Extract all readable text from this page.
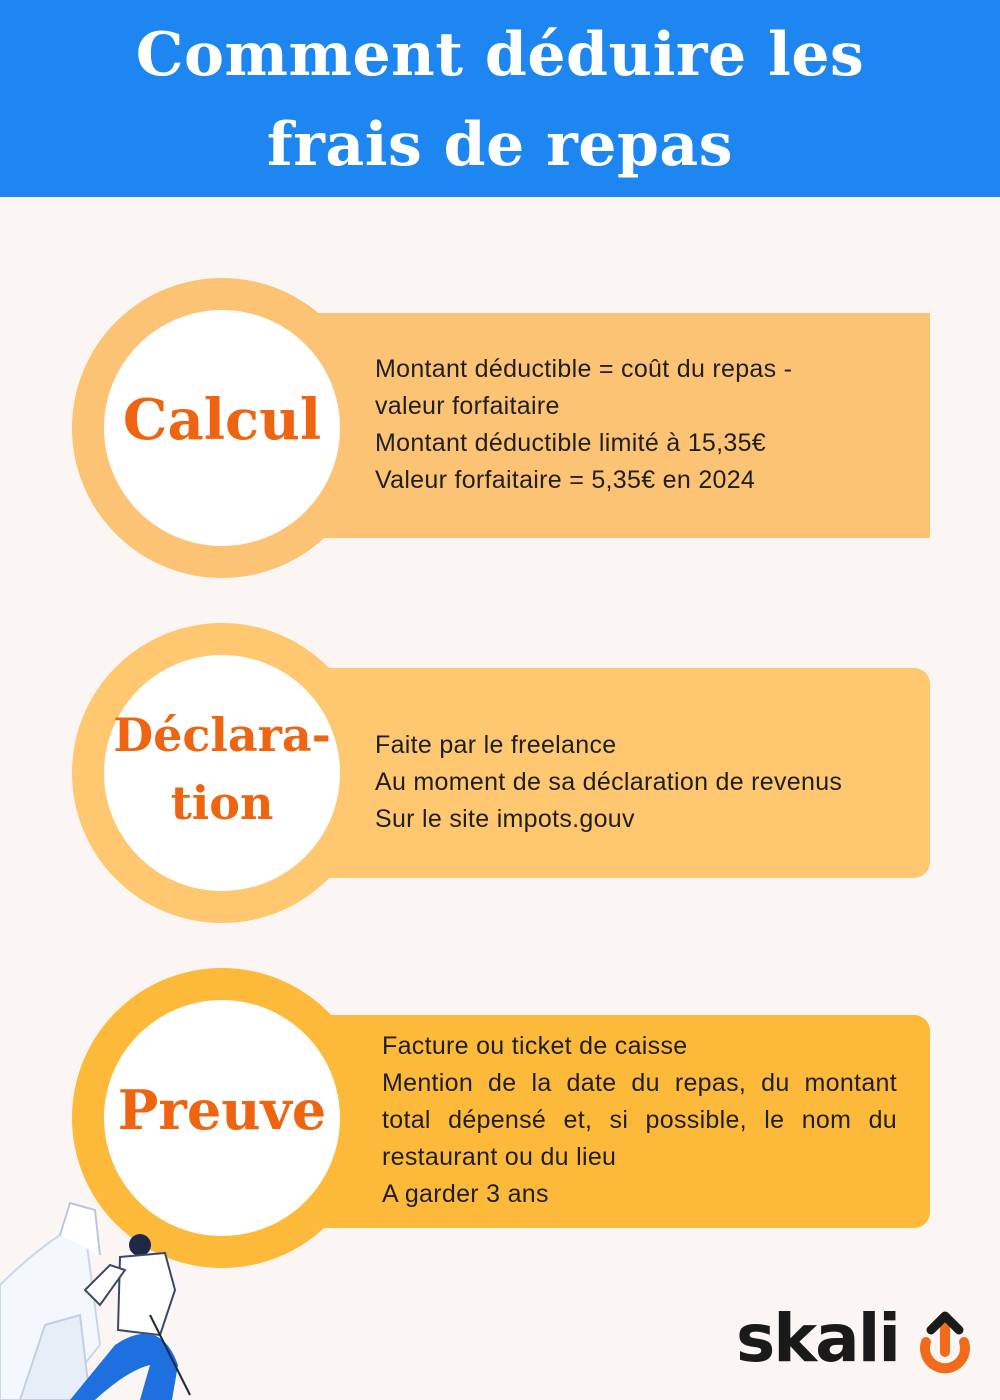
Comment déduire les
frais de repas
Calcul
Montant déductible = coût du repas -
valeur forfaitaire
Montant déductible limité à 15,35€
Valeur forfaitaire = 5,35€ en 2024
Déclara-
tion
Faite par le freelance
Au moment de sa déclaration de revenus
Sur le site impots.gouv
Preuve
Facture ou ticket de caisse
Mention de la date du repas, du montant total dépensé et, si possible, le nom du restaurant ou du lieu
A garder 3 ans
skali
